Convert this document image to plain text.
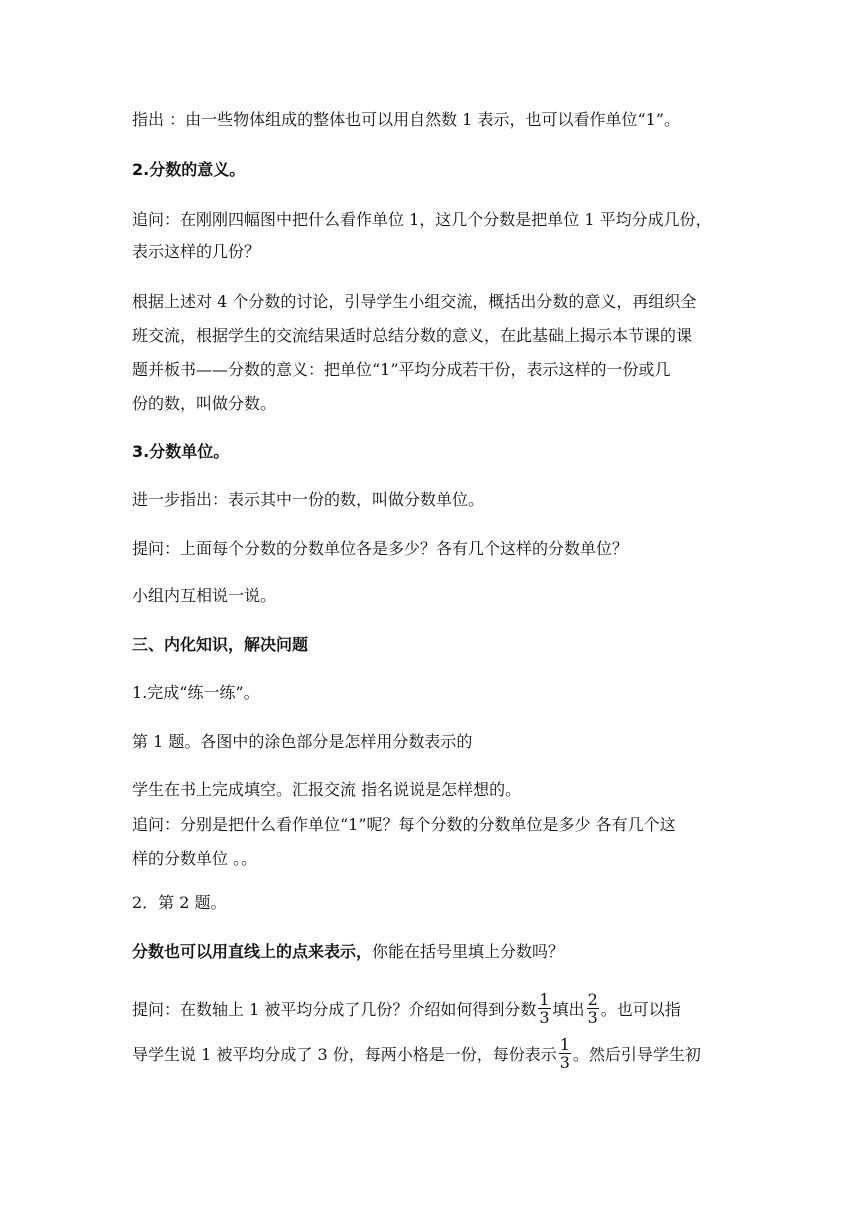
指出 ：由一些物体组成的整体也可以用自然数 1 表示，也可以看作单位“1”。
2.分数的意义。
追问：在刚刚四幅图中把什么看作单位 1，这几个分数是把单位 1 平均分成几份，
表示这样的几份？
根据上述对 4 个分数的讨论，引导学生小组交流，概括出分数的意义，再组织全
班交流，根据学生的交流结果适时总结分数的意义，在此基础上揭示本节课的课
题并板书——分数的意义：把单位“1”平均分成若干份，表示这样的一份或几
份的数，叫做分数。
3.分数单位。
进一步指出：表示其中一份的数，叫做分数单位。
提问：上面每个分数的分数单位各是多少？各有几个这样的分数单位？
小组内互相说一说。
三、内化知识，解决问题
1.完成“练一练”。
第 1 题。各图中的涂色部分是怎样用分数表示的
学生在书上完成填空。汇报交流 指名说说是怎样想的。
追问：分别是把什么看作单位“1”呢？每个分数的分数单位是多少 各有几个这
样的分数单位 。。
2．第 2 题。
分数也可以用直线上的点来表示，你能在括号里填上分数吗？
提问：在数轴上 1 被平均分成了几份？介绍如何得到分数 $\frac{1}{3}$ 填出 $\frac{2}{3}$ 。也可以指
导学生说 1 被平均分成了 3 份，每两小格是一份，每份表示 $\frac{1}{3}$ 。然后引导学生初
